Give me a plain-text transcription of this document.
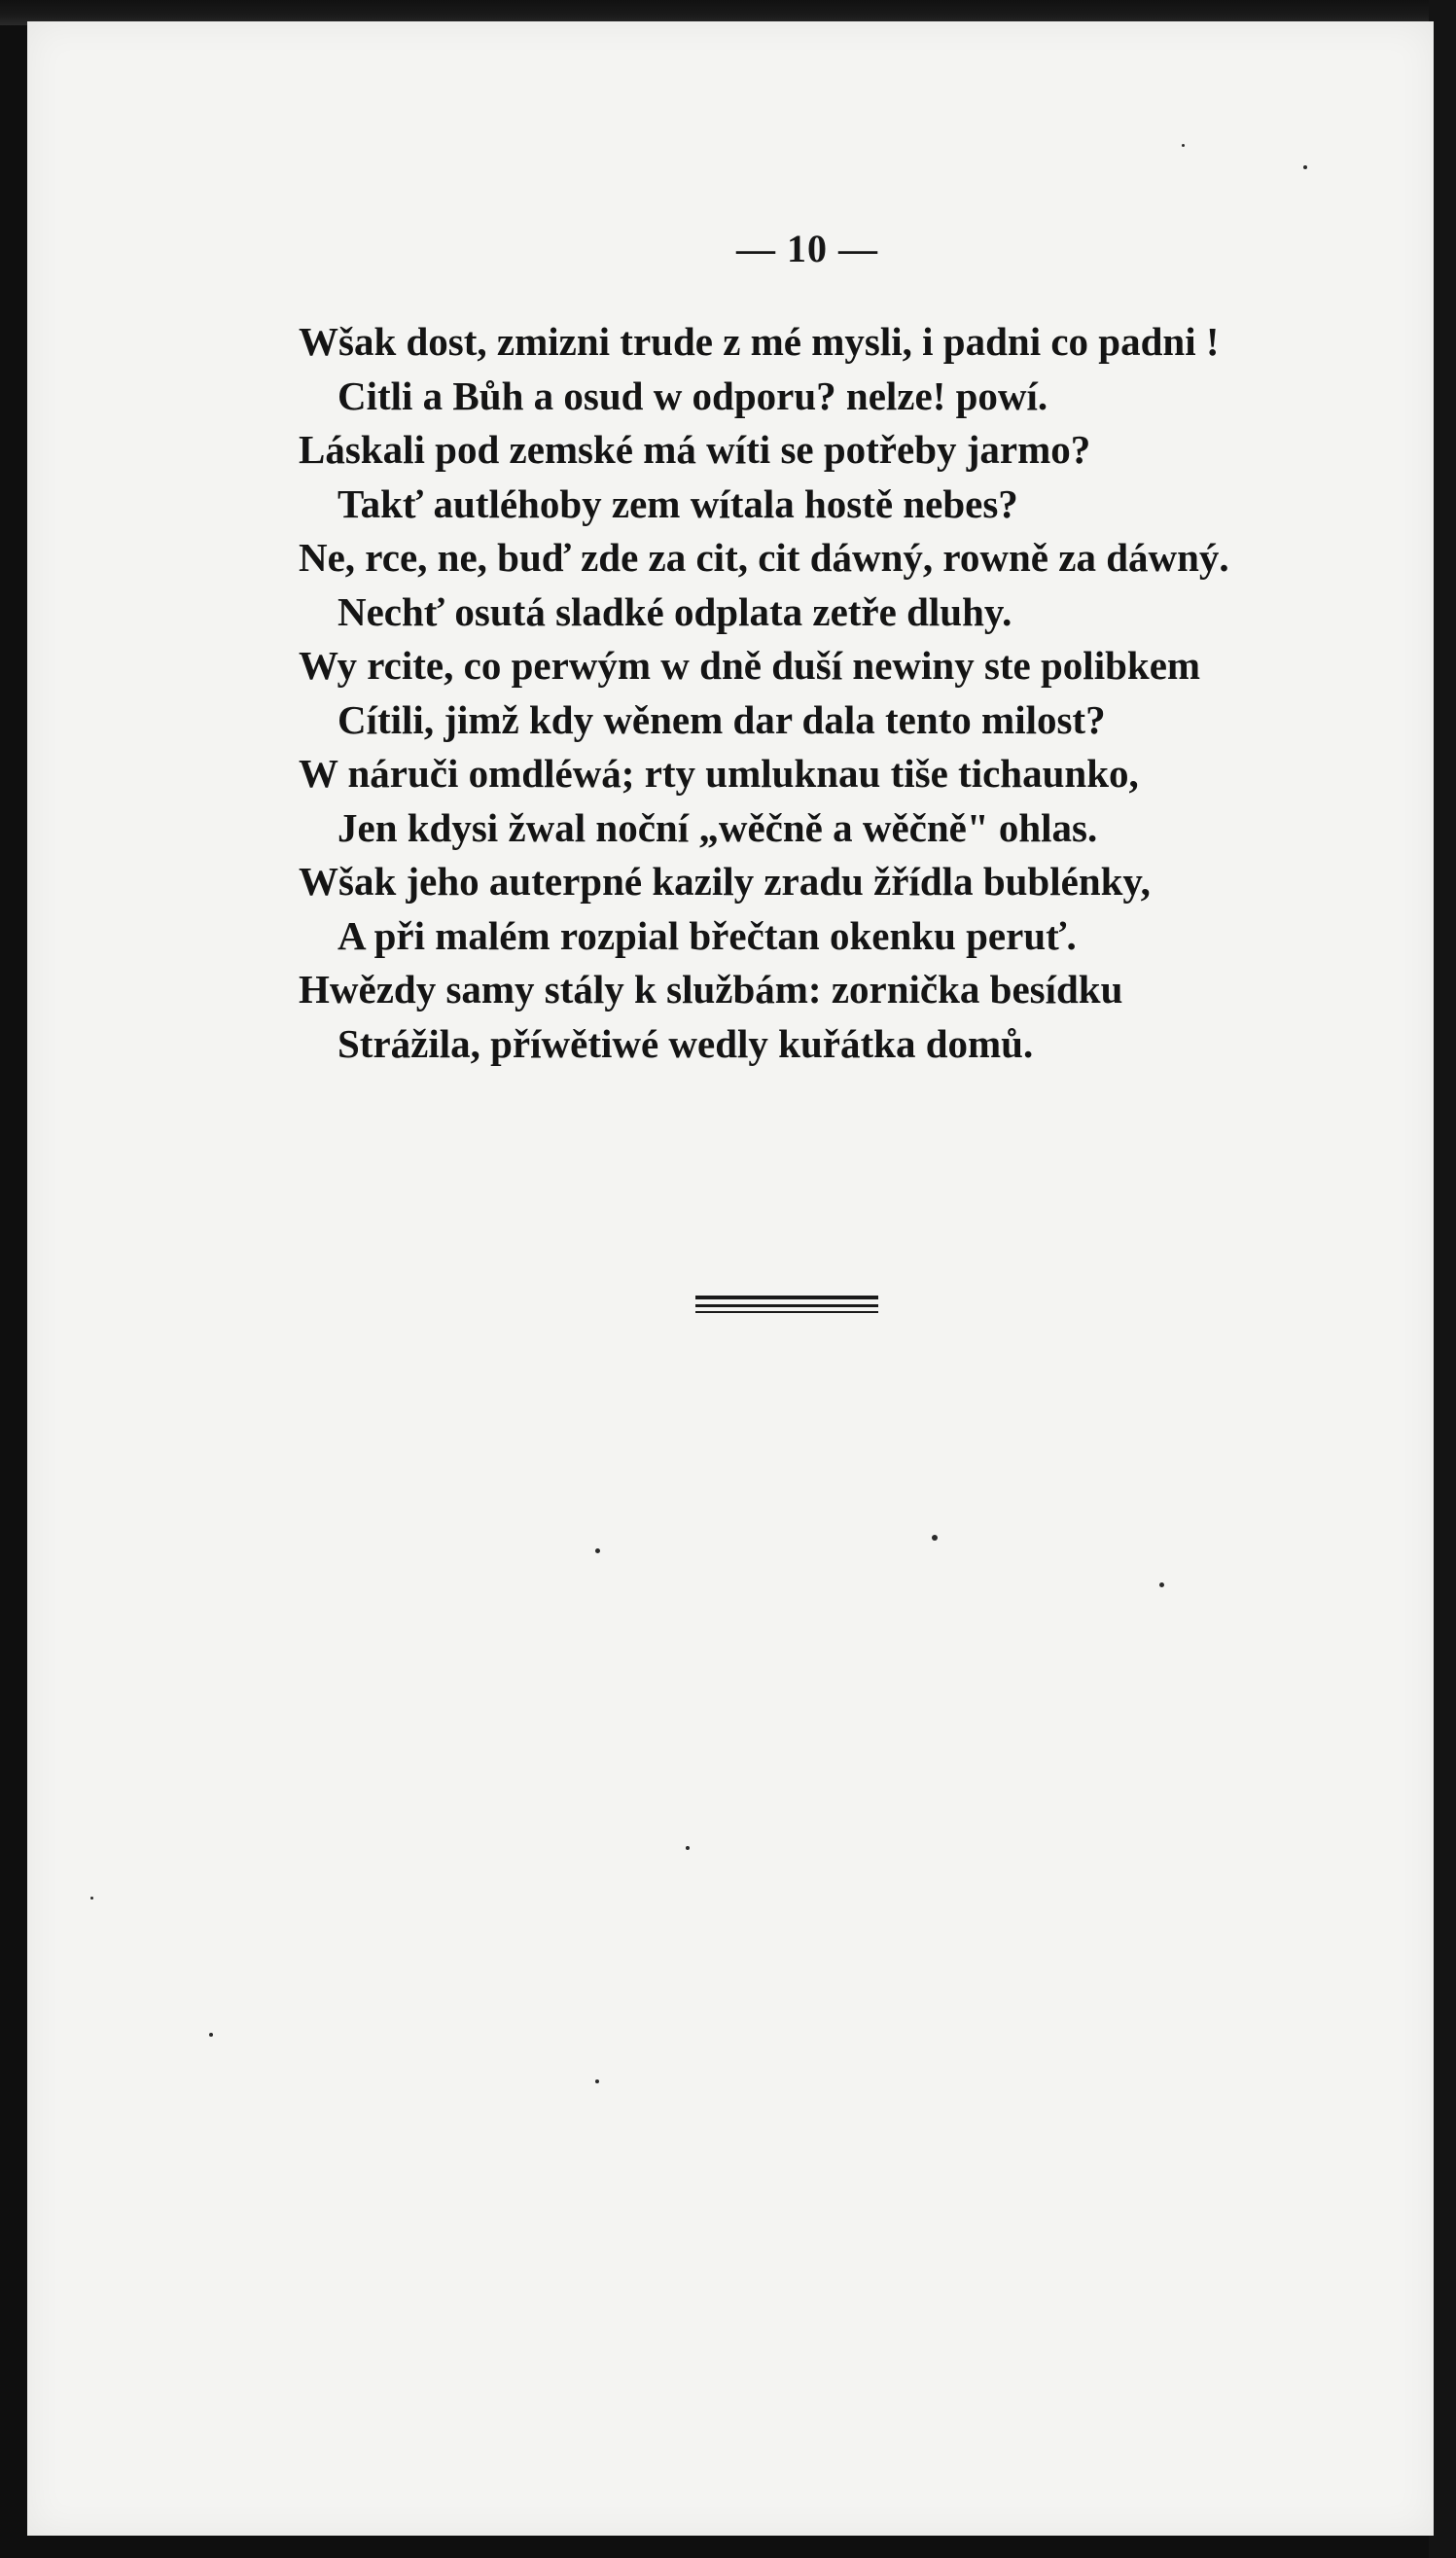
— 10 —
Wšak dost, zmizni trude z mé mysli, i padni co padni !
Citli a Bůh a osud w odporu? nelze! powí.
Láskali pod zemské má wíti se potřeby jarmo?
Takť autléhoby zem wítala hostě nebes?
Ne, rce, ne, buď zde za cit, cit dáwný, rowně za dáwný.
Nechť osutá sladké odplata zetře dluhy.
Wy rcite, co perwým w dně duší newiny ste polibkem
Cítili, jimž kdy wěnem dar dala tento milost?
W náruči omdléwá; rty umluknau tiše tichaunko,
Jen kdysi žwal noční „wěčně a wěčně" ohlas.
Wšak jeho auterpné kazily zradu žřídla bublénky,
A při malém rozpial břečtan okenku peruť.
Hwězdy samy stály k službám: zornička besídku
Strážila, příwětiwé wedly kuřátka domů.
